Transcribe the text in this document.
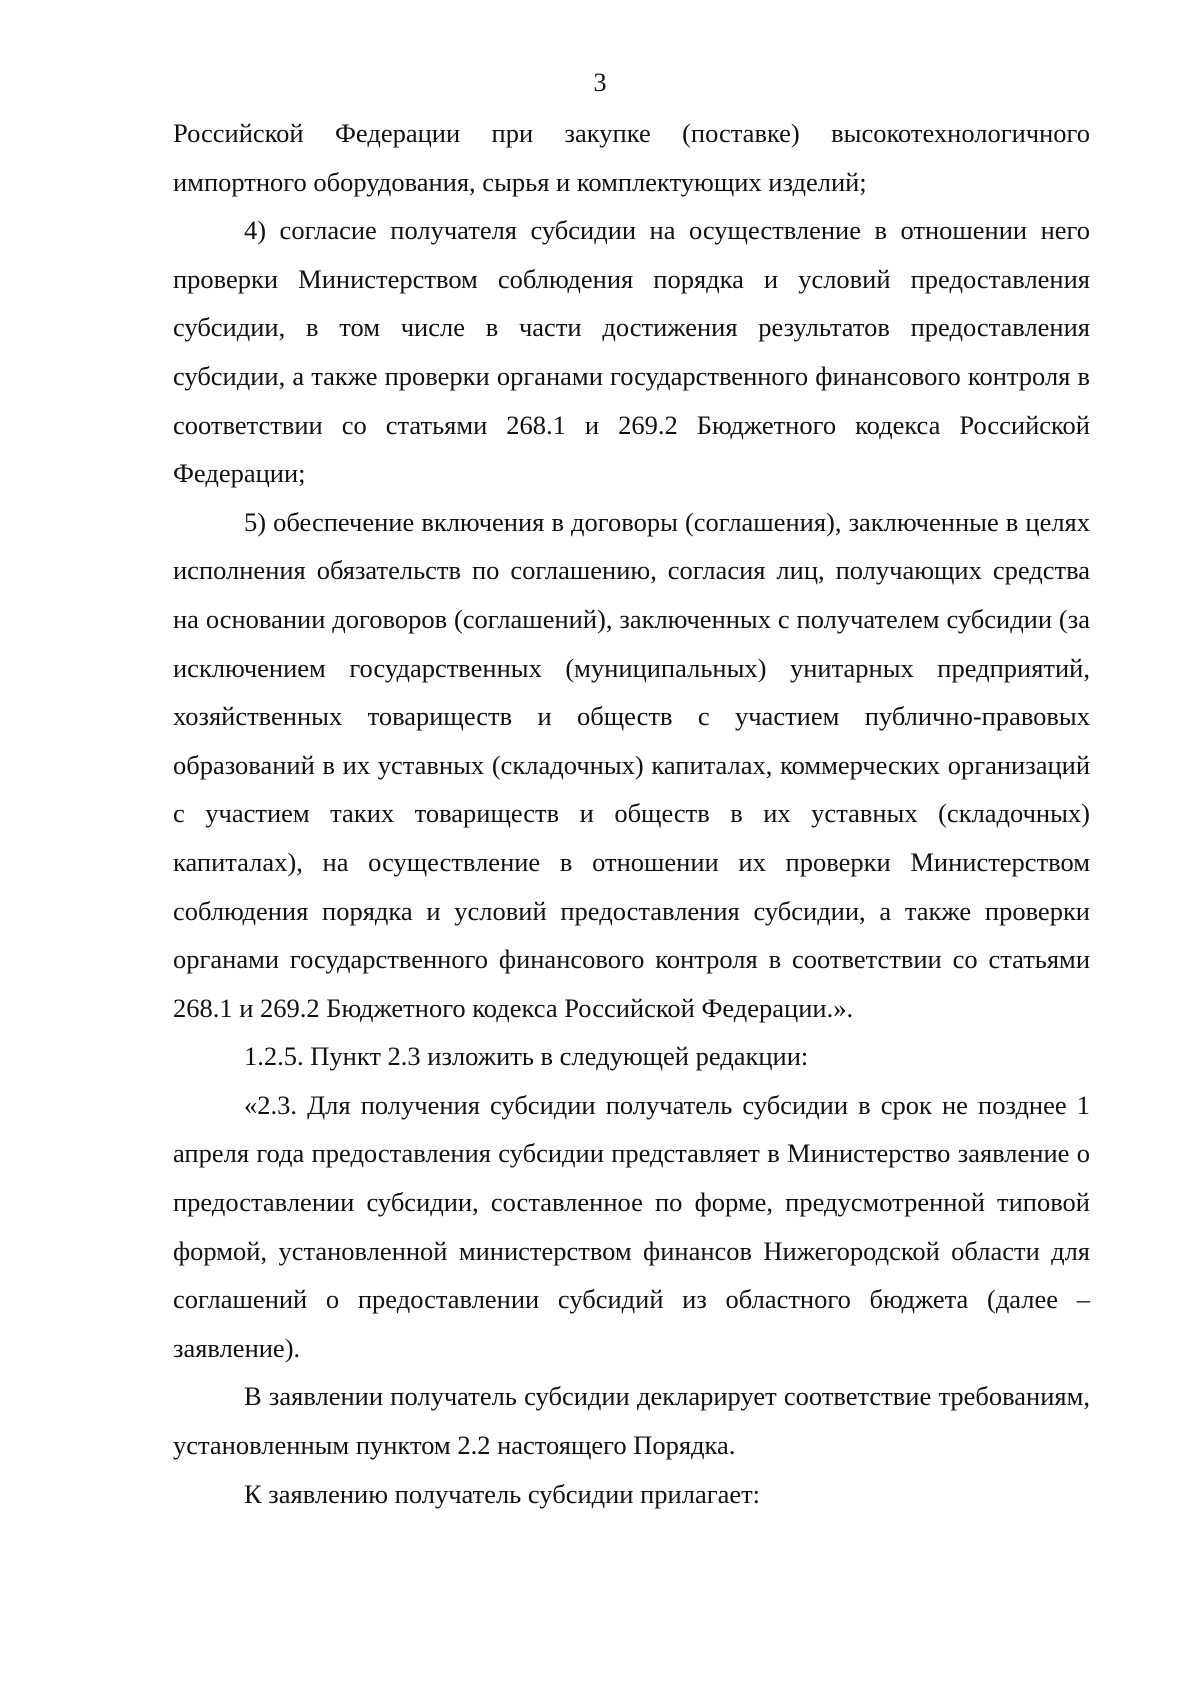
3

Российской Федерации при закупке (поставке) высокотехнологичного импортного оборудования, сырья и комплектующих изделий;

4) согласие получателя субсидии на осуществление в отношении него проверки Министерством соблюдения порядка и условий предоставления субсидии, в том числе в части достижения результатов предоставления субсидии, а также проверки органами государственного финансового контроля в соответствии со статьями 268.1 и 269.2 Бюджетного кодекса Российской Федерации;

5) обеспечение включения в договоры (соглашения), заключенные в целях исполнения обязательств по соглашению, согласия лиц, получающих средства на основании договоров (соглашений), заключенных с получателем субсидии (за исключением государственных (муниципальных) унитарных предприятий, хозяйственных товариществ и обществ с участием публично-правовых образований в их уставных (складочных) капиталах, коммерческих организаций с участием таких товариществ и обществ в их уставных (складочных) капиталах), на осуществление в отношении их проверки Министерством соблюдения порядка и условий предоставления субсидии, а также проверки органами государственного финансового контроля в соответствии со статьями 268.1 и 269.2 Бюджетного кодекса Российской Федерации.».

1.2.5. Пункт 2.3 изложить в следующей редакции:

«2.3. Для получения субсидии получатель субсидии в срок не позднее 1 апреля года предоставления субсидии представляет в Министерство заявление о предоставлении субсидии, составленное по форме, предусмотренной типовой формой, установленной министерством финансов Нижегородской области для соглашений о предоставлении субсидий из областного бюджета (далее – заявление).

В заявлении получатель субсидии декларирует соответствие требованиям, установленным пунктом 2.2 настоящего Порядка.

К заявлению получатель субсидии прилагает:
